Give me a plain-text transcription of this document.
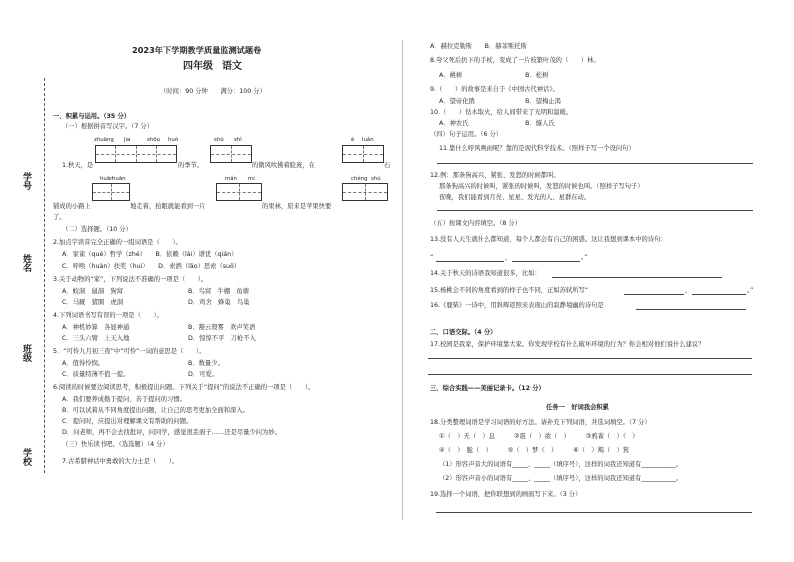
学号
姓名
班级
学校
2023年下学期教学质量监测试题卷
四年级 语文
（时间：90 分钟　　满分：100 分）
一、积累与运用。（35 分）
（一）根据拼音写汉字。（7 分）
zhuāng jia	shōu huò	shū shì	è luǎn
1.秋天，是	的季节。	的微风吹拂着脸庞，在	石
huān
huān	mán mí	chéng shú
铺成的小路上	地走着，抬眼就能看到一片	的果林，原来是苹果快要
了。
（二）选择题。（10 分）
2.加点字读音完全正确的一组词语是（　　）。
A．家雀（què）哲学（zhé）　　B．依赖（lài）谱优（qián）
C．呼唤（huàn）扶奖（huì）　　D．索洒（lǎo）思索（suǒ）
3.关于动物的“家”，下列说法不准确的一项是（　　）。
A．蛟洞　鼠洞　狗窝	B．鸟窝　牛棚　鱼塘
C．马厩　猪圈　虎洞	D．鸡舍　蜂巢　鸟巢
4.下列词语书写有误的一项是（　　）。
A．神机妙算　各显神通	B．豁云殼雾　欢声笑语
C．三头六臂　上天入地	D．惊惊不平　刀枪不入
5．“可怜九月初三夜”中“可怜”一词的意思是（　　）。
A．值得怜悯。	B．数量少。
C．质量特薄不值一提。	D．可爱。
6.阅读的时候要边阅读思考，积极提出问题。下列关于“提问”的说法不正确的一项是（　　）。
A．我们要养成勤于提问、善于提问的习惯。
B．可以试着从不同角度提出问题，让自己的思考更加全面和深入。
C．提问时，应提出对理解课文有帮助的问题。
D．问老师，再不会去找批评，问同学，感觉很丢面子……还是尽量少问为妙。
（三）快乐读书吧。（选选题）（4 分）
7.古希腊神话中勇敢的大力士是（　　）。
A．赫拉克勒斯　　B．赫菲斯托斯
8.夸父死后扔下的手杖，变成了一片枝繁叶茂的（　　）林。
A．桃树　　　　　　　　　　B．松树
9.（　　）的故事是来自于《中国古代神话》。
A．望帝化鹃　　　　　　　　B．望梅止渴
10.（　　）钻木取火，给人间带来了光明和温暖。
A．神农氏　　　　　　　　　B．燧人氏
（四）句子运用。（6 分）
11.靠什么呼风唤雨呢？靠的是现代科学技术。（照样子写一个设问句）
12.例：那条狗高兴、紧张、发怒的时候都叫。
那条狗高兴的时候叫，紧张的时候叫，发怒的时候也叫。（照样子写句子）
夜晚，我们能看到月亮、星星、发光的人、星群在动。
（五）按课文内容填空。（8 分）
13.没有人天生就什么都知道，每个人都会有自己的困惑。这让我想到课本中的诗句：
“	，	。”
14.关于秋天的诗语我知道很多，比如：
15.杨桃会不同的角度看到的样子也不同，正如苏轼所写“	，	。”
16.《鹿柴》一诗中，用斜辉返照来表现山的寂静境幽的诗句是
二、口语交际。（4 分）
17.校园是我家，保护环境靠大家。你发现学校有什么破坏环境的行为？你会相对他们说什么建议？
三、综合实践——美丽记录卡。（12 分）
任务一　好词我会积累
18.分类整理词语是学习词语的好方法。请补充下列词语，并选词填空。（7 分）
①（　）无（　）息　　　②震（　）欲（　）　　　③鸦雀（　）（　）
④（　）　脆（　）　　　⑤（　）梦（　）　　　⑥（　）羯（　）箕
（1）形容声音大的词语有_____、_____（填序号），这样的词我还知道有___________。
（2）形容声音小的词语有_____、_____（填序号），这样的词我还知道有___________。
19.选择一个词语，把你联想到的画面写下来。（3 分）
